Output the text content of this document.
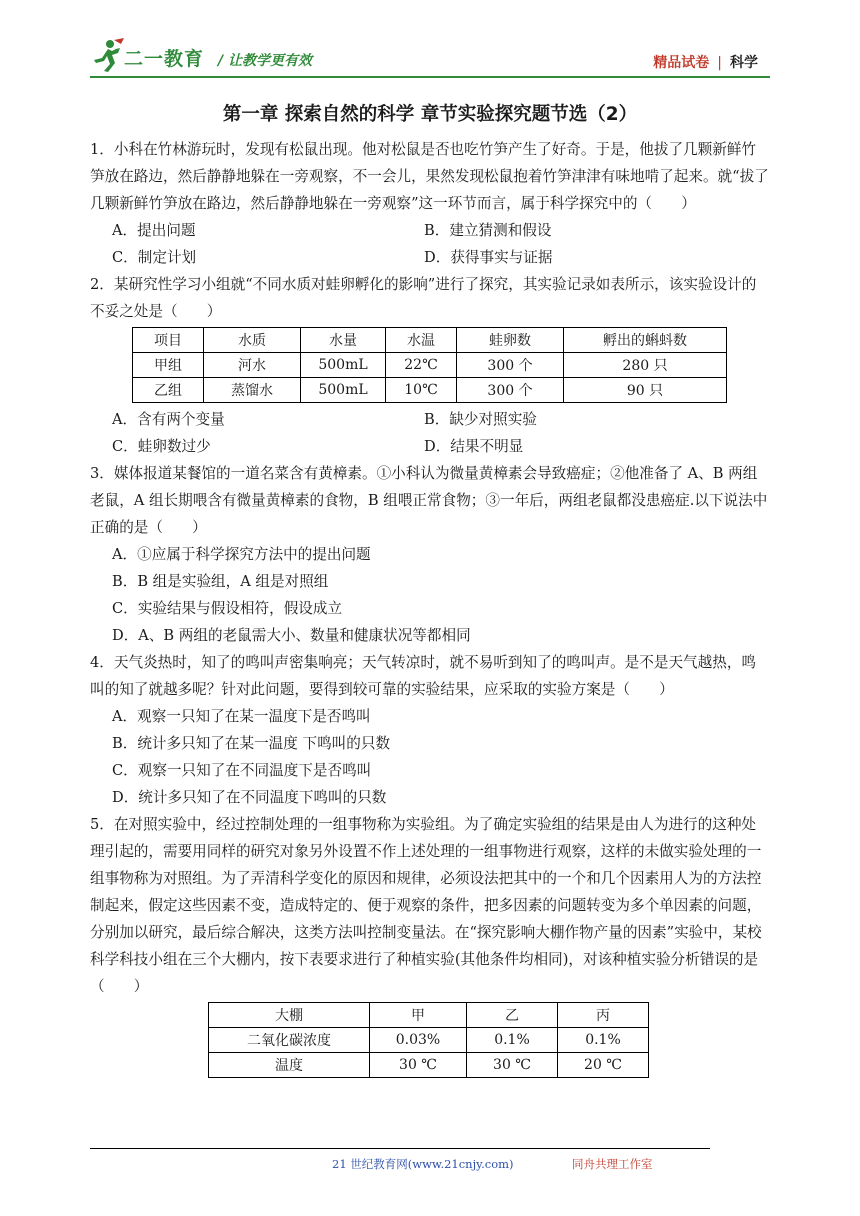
二一教育 / 让教学更有效	精品试卷 | 科学
第一章 探索自然的科学 章节实验探究题节选（2）

1．小科在竹林游玩时，发现有松鼠出现。他对松鼠是否也吃竹笋产生了好奇。于是，他拔了几颗新鲜竹笋放在路边，然后静静地躲在一旁观察，不一会儿，果然发现松鼠抱着竹笋津津有味地啃了起来。就“拔了几颗新鲜竹笋放在路边，然后静静地躲在一旁观察”这一环节而言，属于科学探究中的（　　）

A．提出问题	B．建立猜测和假设
C．制定计划	D．获得事实与证据

2．某研究性学习小组就“不同水质对蛙卵孵化的影响”进行了探究，其实验记录如表所示，该实验设计的不妥之处是（　　）

项目	水质	水量	水温	蛙卵数	孵出的蝌蚪数
甲组	河水	500mL	22℃	300 个	280 只
乙组	蒸馏水	500mL	10℃	300 个	90 只
A．含有两个变量	B．缺少对照实验
C．蛙卵数过少	D．结果不明显

3．媒体报道某餐馆的一道名菜含有黄樟素。①小科认为微量黄樟素会导致癌症；②他准备了 A、B 两组老鼠，A 组长期喂含有微量黄樟素的食物，B 组喂正常食物；③一年后，两组老鼠都没患癌症.以下说法中正确的是（　　）

A．①应属于科学探究方法中的提出问题
B．B 组是实验组，A 组是对照组
C．实验结果与假设相符，假设成立
D．A、B 两组的老鼠需大小、数量和健康状况等都相同

4．天气炎热时，知了的鸣叫声密集响亮；天气转凉时，就不易听到知了的鸣叫声。是不是天气越热，鸣叫的知了就越多呢？针对此问题，要得到较可靠的实验结果，应采取的实验方案是（　　）

A．观察一只知了在某一温度下是否鸣叫
B．统计多只知了在某一温度 下鸣叫的只数
C．观察一只知了在不同温度下是否鸣叫
D．统计多只知了在不同温度下鸣叫的只数

5．在对照实验中，经过控制处理的一组事物称为实验组。为了确定实验组的结果是由人为进行的这种处理引起的，需要用同样的研究对象另外设置不作上述处理的一组事物进行观察，这样的未做实验处理的一组事物称为对照组。为了弄清科学变化的原因和规律，必须设法把其中的一个和几个因素用人为的方法控制起来，假定这些因素不变，造成特定的、便于观察的条件，把多因素的问题转变为多个单因素的问题，分别加以研究，最后综合解决，这类方法叫控制变量法。在“探究影响大棚作物产量的因素”实验中，某校科学科技小组在三个大棚内，按下表要求进行了种植实验(其他条件均相同)，对该种植实验分析错误的是（　　）

大棚	甲	乙	丙
二氧化碳浓度	0.03%	0.1%	0.1%
温度	30 ℃	30 ℃	20 ℃
21 世纪教育网(www.21cnjy.com)	同舟共理工作室
